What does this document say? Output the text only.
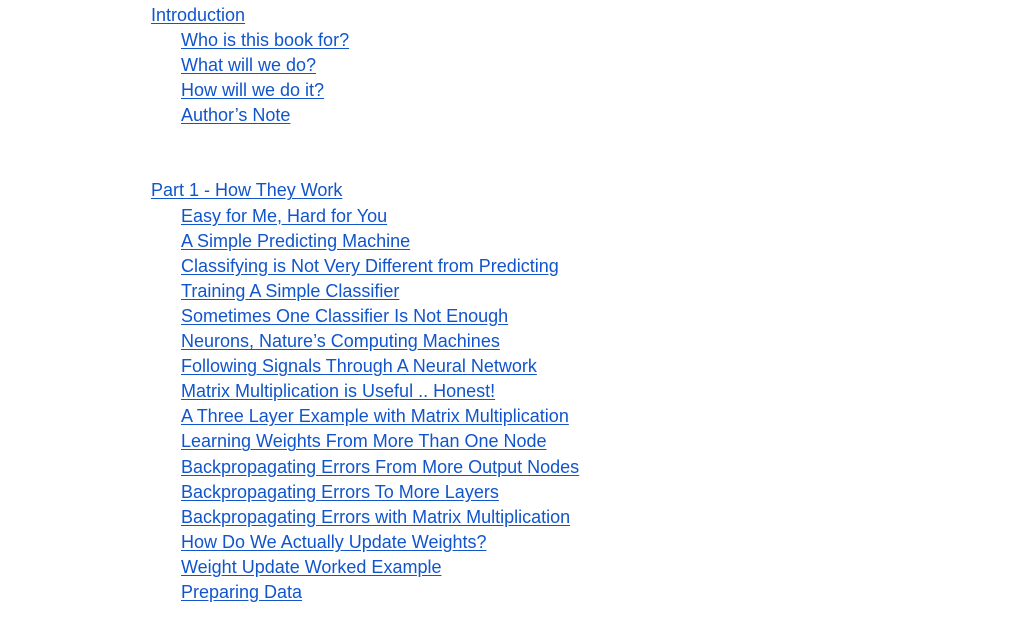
Introduction
Who is this book for?
What will we do?
How will we do it?
Author’s Note
Part 1 - How They Work
Easy for Me, Hard for You
A Simple Predicting Machine
Classifying is Not Very Different from Predicting
Training A Simple Classifier
Sometimes One Classifier Is Not Enough
Neurons, Nature’s Computing Machines
Following Signals Through A Neural Network
Matrix Multiplication is Useful .. Honest!
A Three Layer Example with Matrix Multiplication
Learning Weights From More Than One Node
Backpropagating Errors From More Output Nodes
Backpropagating Errors To More Layers
Backpropagating Errors with Matrix Multiplication
How Do We Actually Update Weights?
Weight Update Worked Example
Preparing Data
